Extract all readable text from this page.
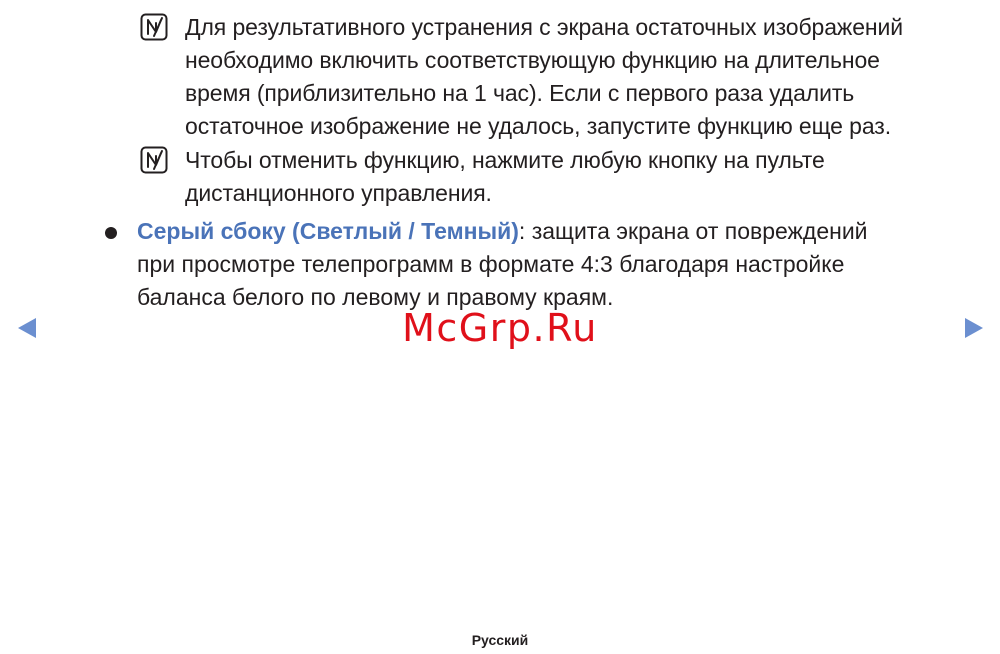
Для результативного устранения с экрана остаточных изображений
необходимо включить соответствующую функцию на длительное
время (приблизительно на 1 час). Если с первого раза удалить
остаточное изображение не удалось, запустите функцию еще раз.
Чтобы отменить функцию, нажмите любую кнопку на пульте
дистанционного управления.
Серый сбоку (Светлый / Темный): защита экрана от повреждений
при просмотре телепрограмм в формате 4:3 благодаря настройке
баланса белого по левому и правому краям.
McGrp.Ru
Русский
